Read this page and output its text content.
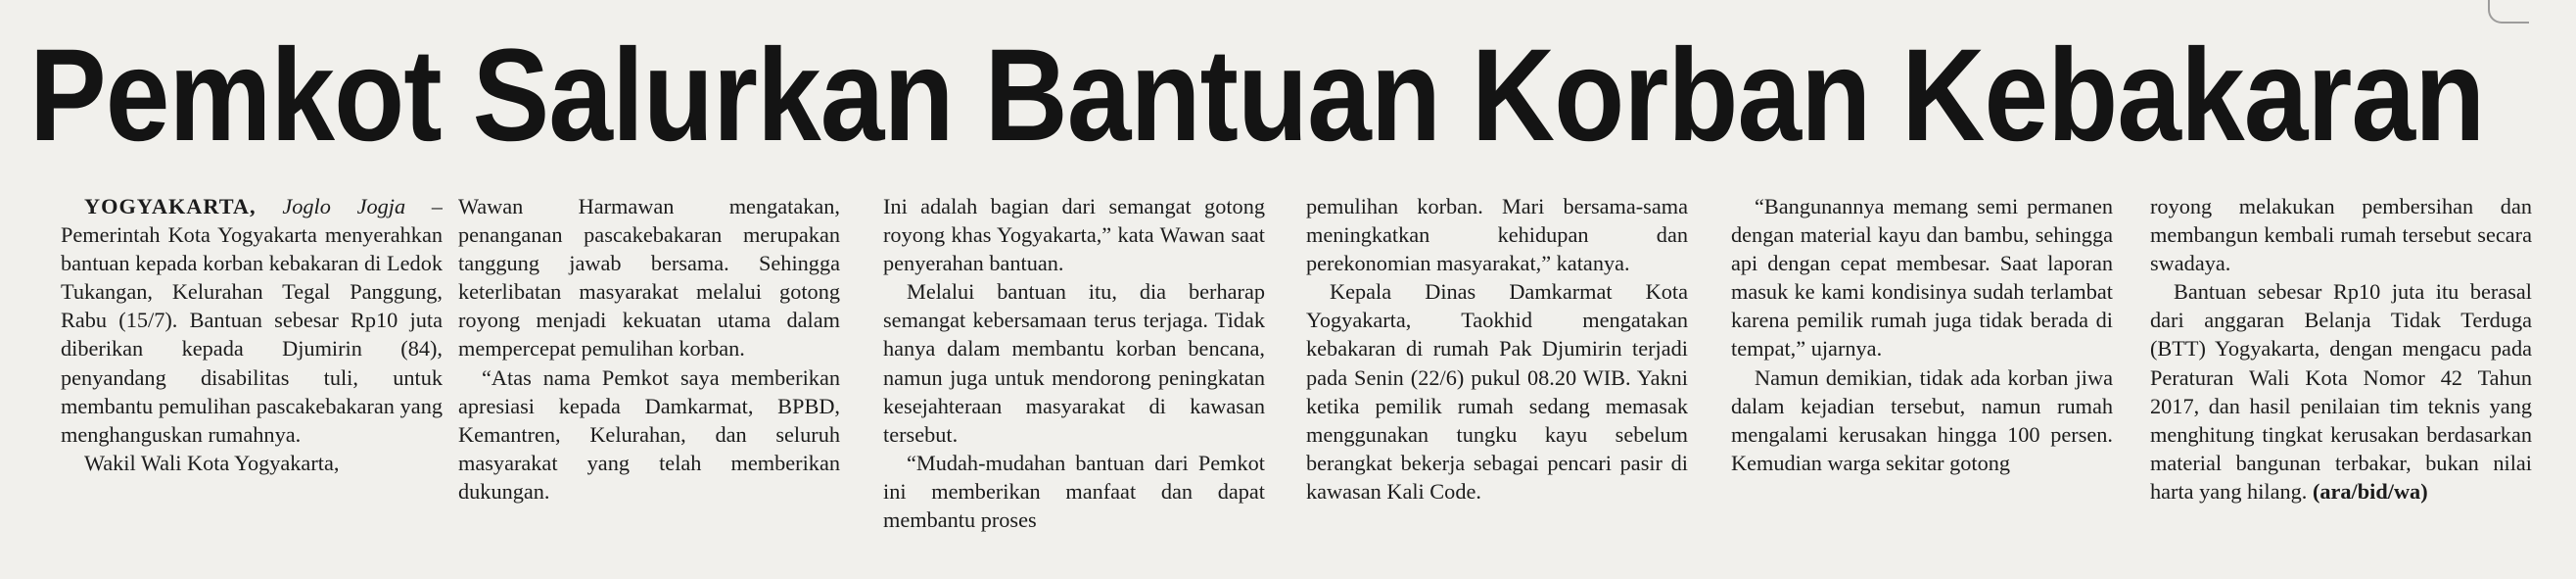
Pemkot Salurkan Bantuan Korban Kebakaran

YOGYAKARTA, Joglo Jogja – Pemerintah Kota Yogyakarta menyerahkan bantuan kepada korban kebakaran di Ledok Tukangan, Kelurahan Tegal Panggung, Rabu (15/7). Bantuan sebesar Rp10 juta diberikan kepada Djumirin (84), penyandang disabilitas tuli, untuk membantu pemulihan pascakebakaran yang menghanguskan rumahnya.

Wakil Wali Kota Yogyakarta,

Wawan Harmawan mengatakan, penanganan pascakebakaran merupakan tanggung jawab bersama. Sehingga keterlibatan masyarakat melalui gotong royong menjadi kekuatan utama dalam mempercepat pemulihan korban.

“Atas nama Pemkot saya memberikan apresiasi kepada Damkarmat, BPBD, Kemantren, Kelurahan, dan seluruh masyarakat yang telah memberikan dukungan.

Ini adalah bagian dari semangat gotong royong khas Yogyakarta,” kata Wawan saat penyerahan bantuan.

Melalui bantuan itu, dia berharap semangat kebersamaan terus terjaga. Tidak hanya dalam membantu korban bencana, namun juga untuk mendorong peningkatan kesejahteraan masyarakat di kawasan tersebut.

“Mudah-mudahan bantuan dari Pemkot ini memberikan manfaat dan dapat membantu proses

pemulihan korban. Mari bersama-sama meningkatkan kehidupan dan perekonomian masyarakat,” katanya.

Kepala Dinas Damkarmat Kota Yogyakarta, Taokhid mengatakan kebakaran di rumah Pak Djumirin terjadi pada Senin (22/6) pukul 08.20 WIB. Yakni ketika pemilik rumah sedang memasak menggunakan tungku kayu sebelum berangkat bekerja sebagai pencari pasir di kawasan Kali Code.

“Bangunannya memang semi permanen dengan material kayu dan bambu, sehingga api dengan cepat membesar. Saat laporan masuk ke kami kondisinya sudah terlambat karena pemilik rumah juga tidak berada di tempat,” ujarnya.

Namun demikian, tidak ada korban jiwa dalam kejadian tersebut, namun rumah mengalami kerusakan hingga 100 persen. Kemudian warga sekitar gotong

royong melakukan pembersihan dan membangun kembali rumah tersebut secara swadaya.

Bantuan sebesar Rp10 juta itu berasal dari anggaran Belanja Tidak Terduga (BTT) Yogyakarta, dengan mengacu pada Peraturan Wali Kota Nomor 42 Tahun 2017, dan hasil penilaian tim teknis yang menghitung tingkat kerusakan berdasarkan material bangunan terbakar, bukan nilai harta yang hilang. (ara/bid/wa)
